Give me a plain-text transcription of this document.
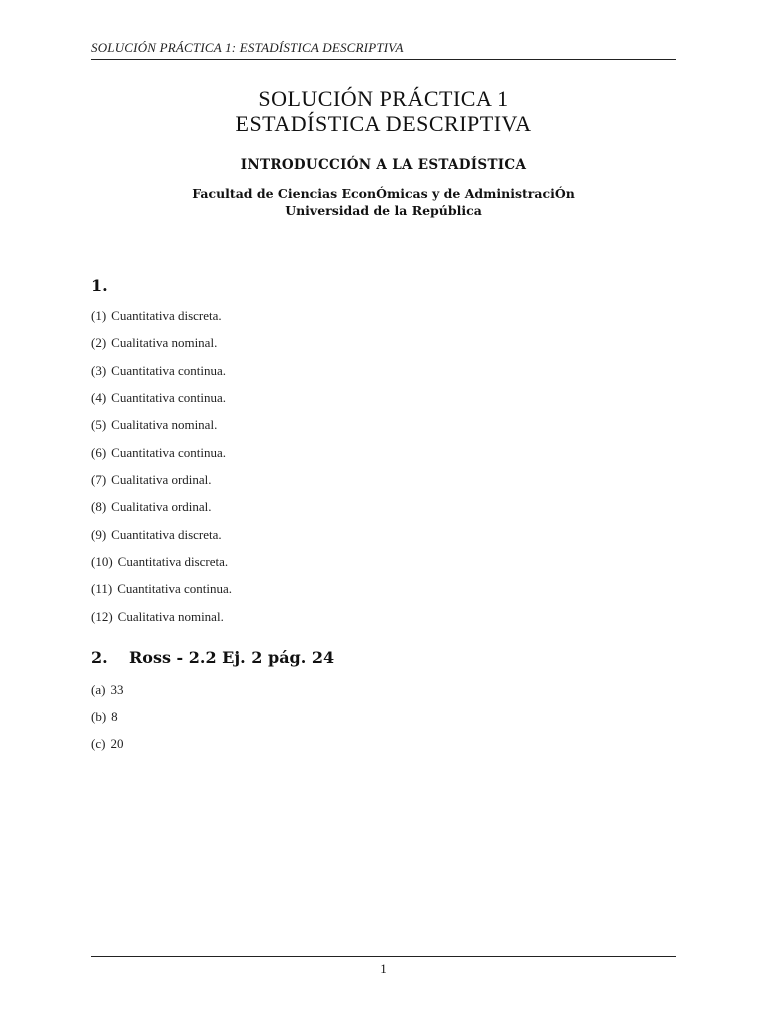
SOLUCIÓN PRÁCTICA 1: ESTADÍSTICA DESCRIPTIVA
SOLUCIÓN PRÁCTICA 1
ESTADÍSTICA DESCRIPTIVA
INTRODUCCIÓN A LA ESTADÍSTICA
Facultad de Ciencias EconÓmicas y de AdministraciÓn
Universidad de la República
1.
(1) Cuantitativa discreta.
(2) Cualitativa nominal.
(3) Cuantitativa continua.
(4) Cuantitativa continua.
(5) Cualitativa nominal.
(6) Cuantitativa continua.
(7) Cualitativa ordinal.
(8) Cualitativa ordinal.
(9) Cuantitativa discreta.
(10) Cuantitativa discreta.
(11) Cuantitativa continua.
(12) Cualitativa nominal.
2. Ross - 2.2 Ej. 2 pág. 24
(a) 33
(b) 8
(c) 20
1
